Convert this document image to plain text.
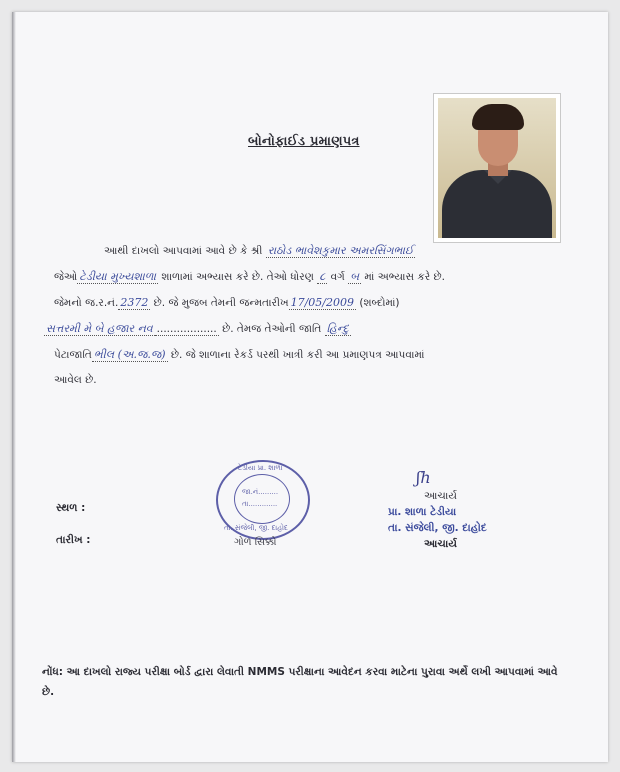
બોનોફાઈડ પ્રમાણપત્ર
આથી દાખલો આપવામાં આવે છે કે શ્રી રાઠોડ ભાવેશકુમાર અમરસિંગભાઈ
જેઓ ટેડીયા મુખ્યશાળા શાળામાં અભ્યાસ કરે છે. તેઓ ધોરણ ૮ વર્ગ બ માં અભ્યાસ કરે છે.
જેમનો જ.ર.નં. 2372 છે. જે મુજબ તેમની જન્મતારીખ 17/05/2009 (શબ્દોમાં)
સત્તરમી મે બે હજાર નવ .................. છે. તેમજ તેઓની જાતિ હિન્દુ
પેટાજાતિ ભીલ (અ.જ.જ) છે. જે શાળાના રેકર્ડ પરથી ખાત્રી કરી આ પ્રમાણપત્ર આપવામાં
આવેલ છે.
સ્થળ :
તારીખ :
ટેડીયા પ્રા. શાળા
જા.નં.........
તા.............
તા. સંજેલી, જી. દાહોદ
ગોળ સિક્કો
ʃh
આચાર્ય
પ્રા. શાળા ટેડીયા
તા. સંજેલી, જી. દાહોદ
આચાર્ય
નોંધ: આ દાખલો રાજ્ય પરીક્ષા બોર્ડ દ્વારા લેવાતી NMMS પરીક્ષાના આવેદન કરવા માટેના પુરાવા અર્થે લખી આપવામાં આવે છે.
